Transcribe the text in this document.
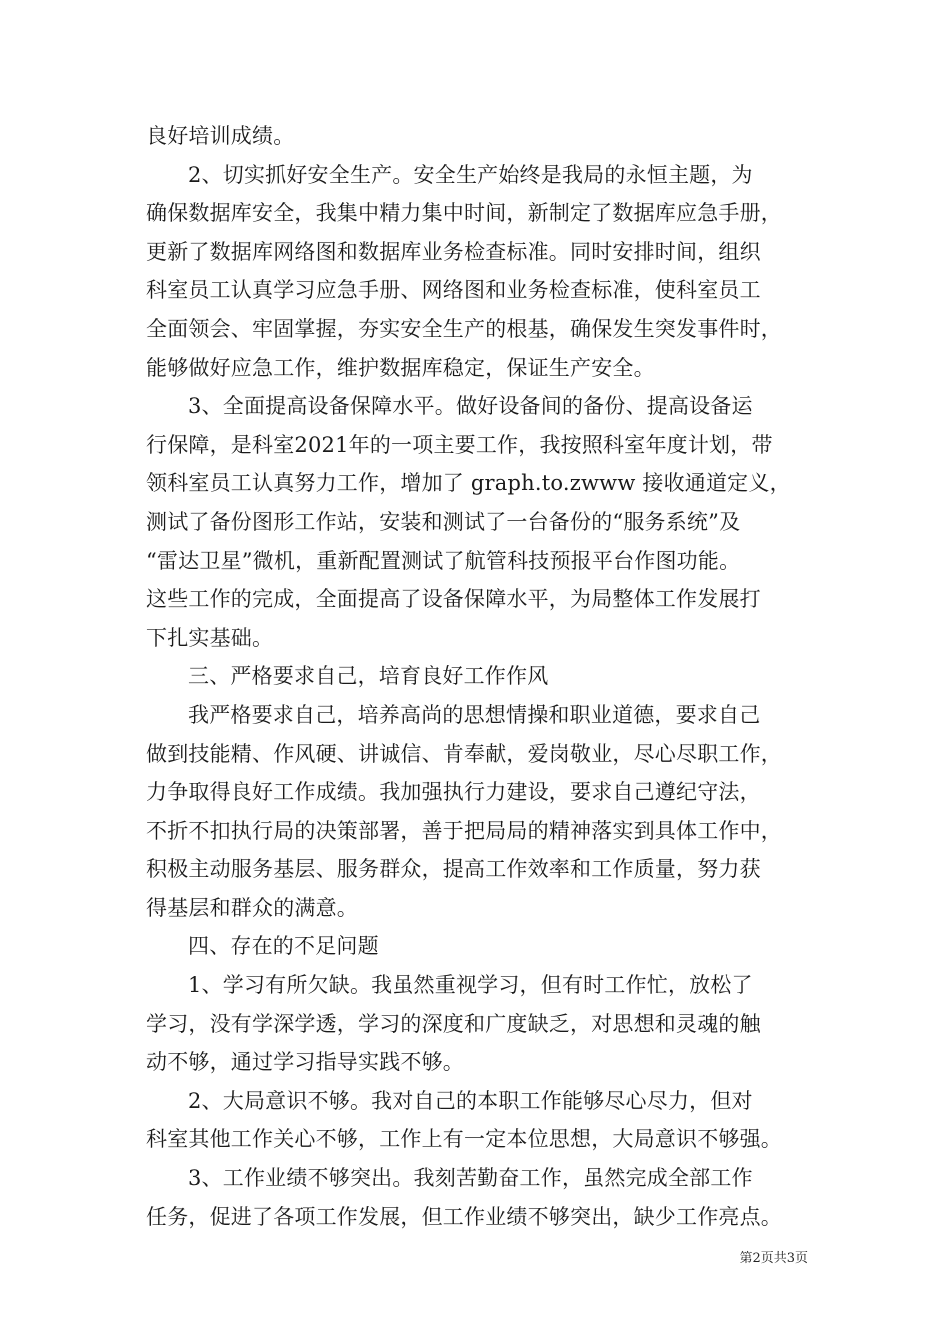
良好培训成绩。
2、切实抓好安全生产。安全生产始终是我局的永恒主题，为
确保数据库安全，我集中精力集中时间，新制定了数据库应急手册，
更新了数据库网络图和数据库业务检查标准。同时安排时间，组织
科室员工认真学习应急手册、网络图和业务检查标准，使科室员工
全面领会、牢固掌握，夯实安全生产的根基，确保发生突发事件时，
能够做好应急工作，维护数据库稳定，保证生产安全。
3、全面提高设备保障水平。做好设备间的备份、提高设备运
行保障，是科室2021年的一项主要工作，我按照科室年度计划，带
领科室员工认真努力工作，增加了 graph.to.zwww 接收通道定义，
测试了备份图形工作站，安装和测试了一台备份的“服务系统”及
“雷达卫星”微机，重新配置测试了航管科技预报平台作图功能。
这些工作的完成，全面提高了设备保障水平，为局整体工作发展打
下扎实基础。
三、严格要求自己，培育良好工作作风
我严格要求自己，培养高尚的思想情操和职业道德，要求自己
做到技能精、作风硬、讲诚信、肯奉献，爱岗敬业，尽心尽职工作，
力争取得良好工作成绩。我加强执行力建设，要求自己遵纪守法，
不折不扣执行局的决策部署，善于把局局的精神落实到具体工作中，
积极主动服务基层、服务群众，提高工作效率和工作质量，努力获
得基层和群众的满意。
四、存在的不足问题
1、学习有所欠缺。我虽然重视学习，但有时工作忙，放松了
学习，没有学深学透，学习的深度和广度缺乏，对思想和灵魂的触
动不够，通过学习指导实践不够。
2、大局意识不够。我对自己的本职工作能够尽心尽力，但对
科室其他工作关心不够，工作上有一定本位思想，大局意识不够强。
3、工作业绩不够突出。我刻苦勤奋工作，虽然完成全部工作
任务，促进了各项工作发展，但工作业绩不够突出，缺少工作亮点。
第2页共3页
